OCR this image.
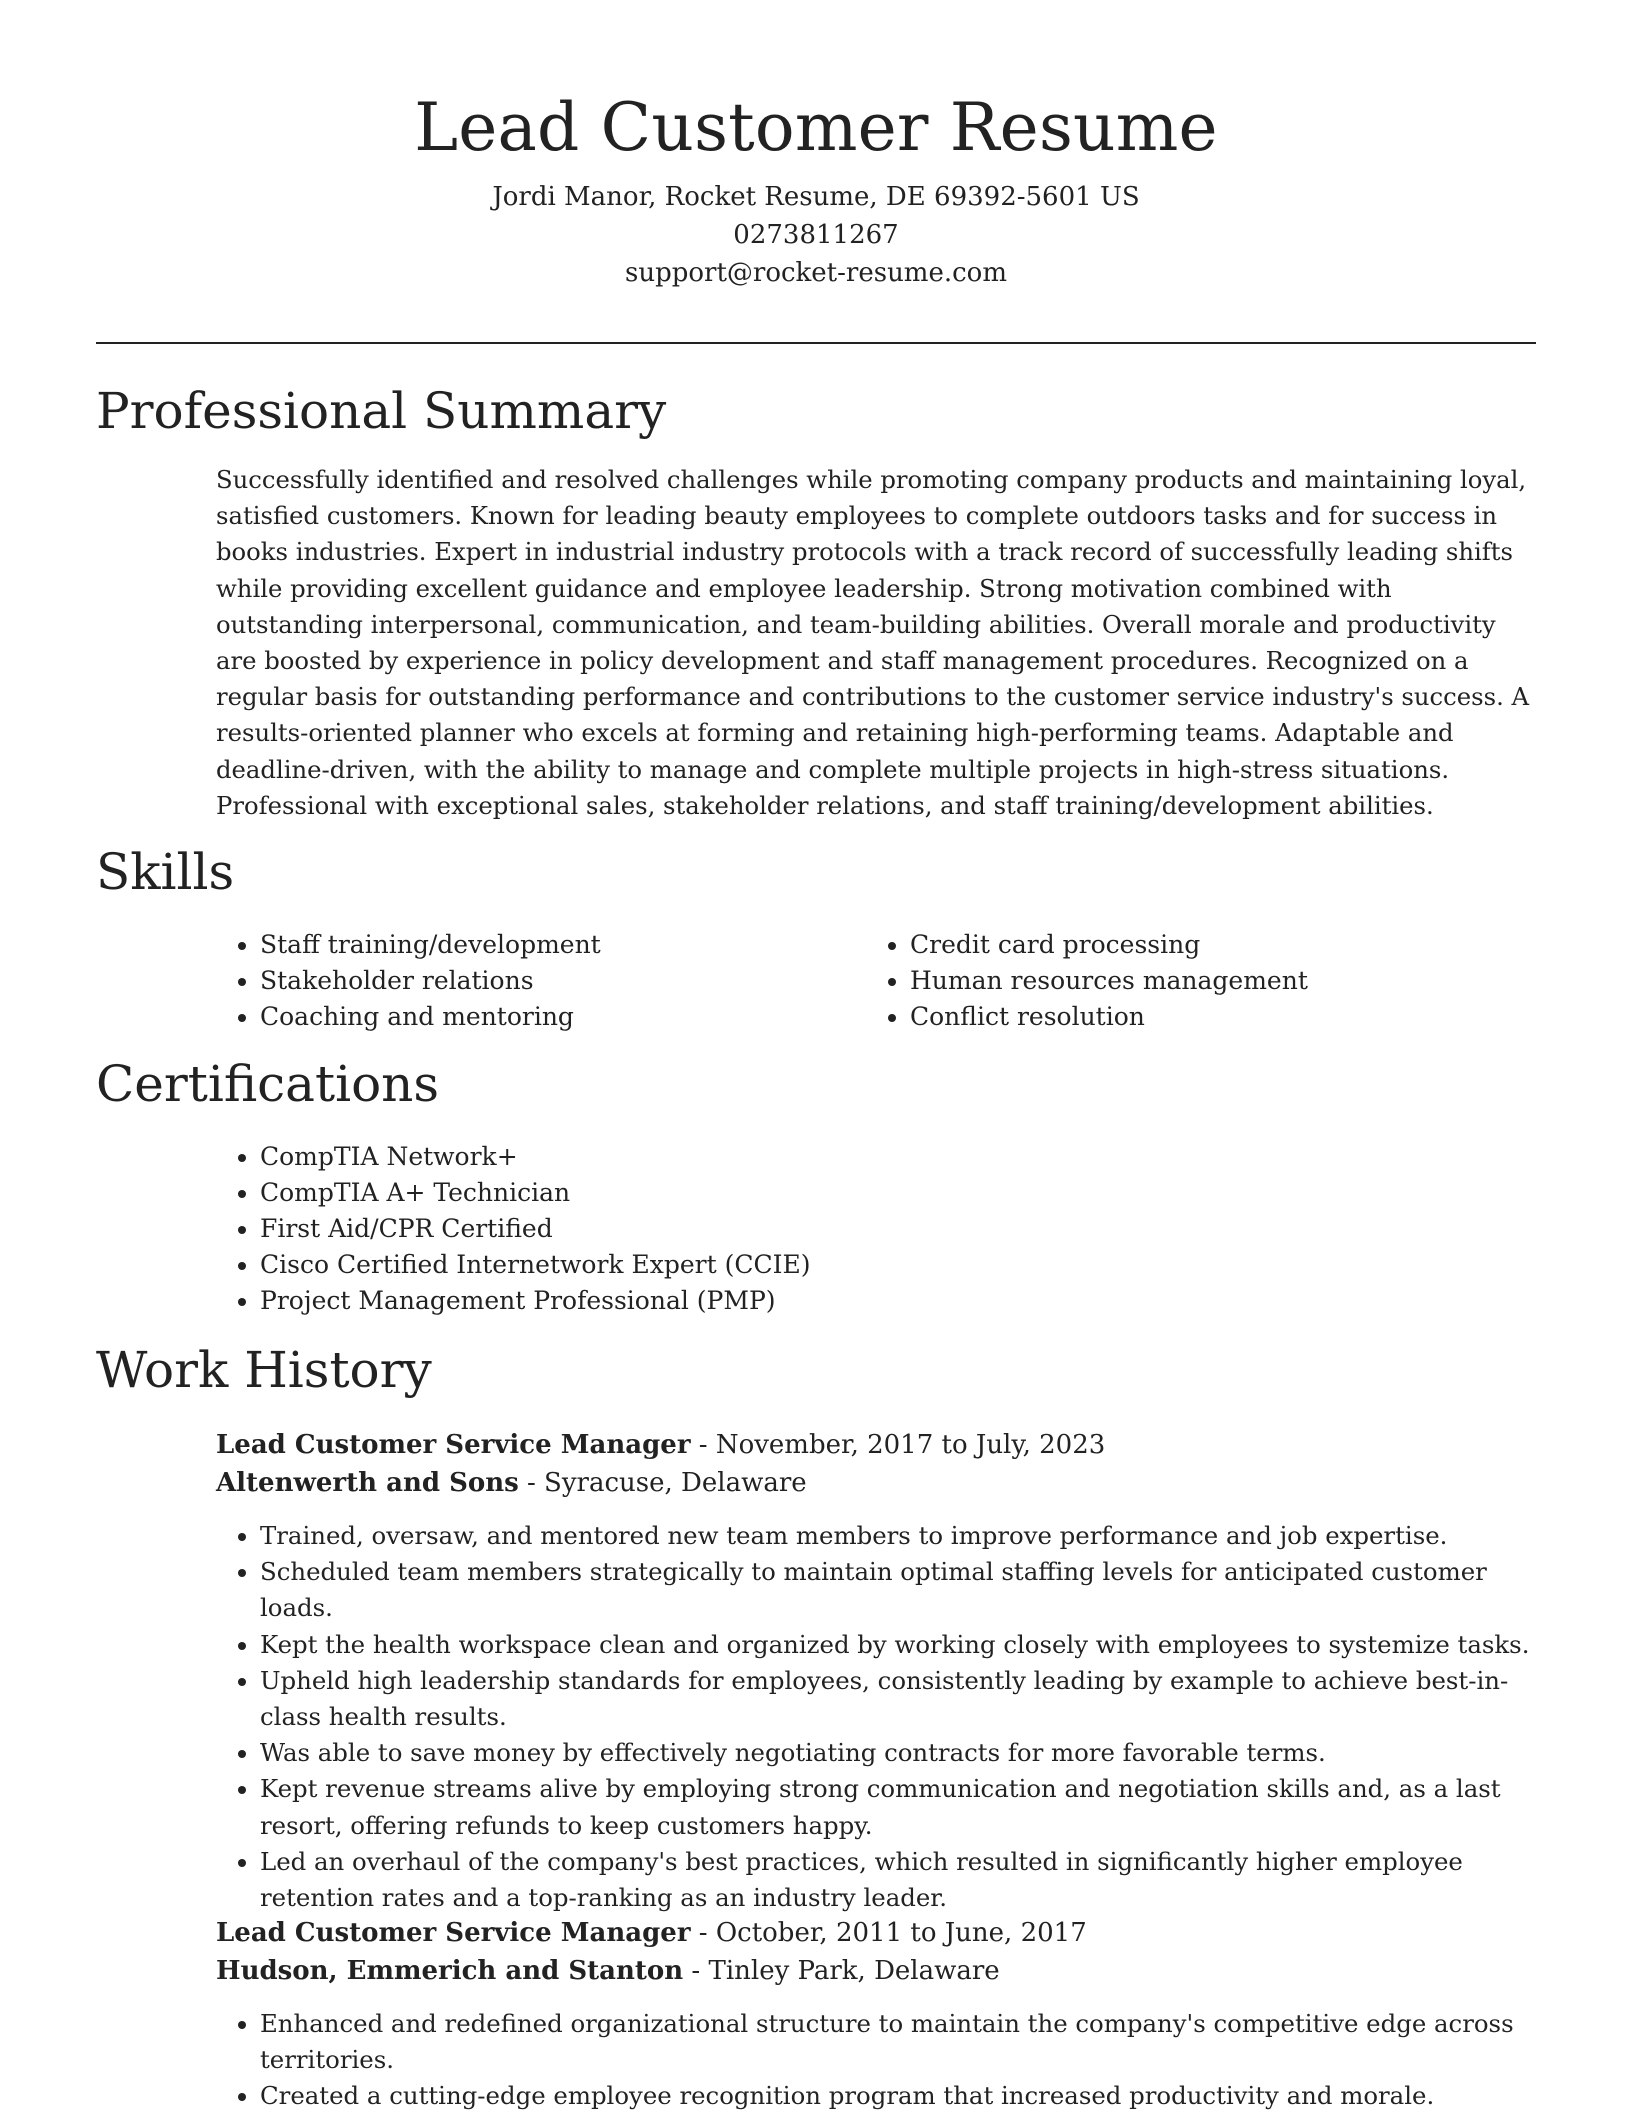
Lead Customer Resume

Jordi Manor, Rocket Resume, DE 69392-5601 US

0273811267

support@rocket-resume.com

Professional Summary

Successfully identified and resolved challenges while promoting company products and maintaining loyal, satisfied customers. Known for leading beauty employees to complete outdoors tasks and for success in books industries. Expert in industrial industry protocols with a track record of successfully leading shifts while providing excellent guidance and employee leadership. Strong motivation combined with outstanding interpersonal, communication, and team-building abilities. Overall morale and productivity are boosted by experience in policy development and staff management procedures. Recognized on a regular basis for outstanding performance and contributions to the customer service industry's success. A results-oriented planner who excels at forming and retaining high-performing teams. Adaptable and deadline-driven, with the ability to manage and complete multiple projects in high-stress situations. Professional with exceptional sales, stakeholder relations, and staff training/development abilities.

Skills
• Staff training/development
• Stakeholder relations
• Coaching and mentoring
• Credit card processing
• Human resources management
• Conflict resolution
Certifications
• CompTIA Network+
• CompTIA A+ Technician
• First Aid/CPR Certified
• Cisco Certified Internetwork Expert (CCIE)
• Project Management Professional (PMP)
Work History

Lead Customer Service Manager - November, 2017 to July, 2023

Altenwerth and Sons - Syracuse, Delaware

• Trained, oversaw, and mentored new team members to improve performance and job expertise.
• Scheduled team members strategically to maintain optimal staffing levels for anticipated customer loads.
• Kept the health workspace clean and organized by working closely with employees to systemize tasks.
• Upheld high leadership standards for employees, consistently leading by example to achieve best-in-class health results.
• Was able to save money by effectively negotiating contracts for more favorable terms.
• Kept revenue streams alive by employing strong communication and negotiation skills and, as a last resort, offering refunds to keep customers happy.
• Led an overhaul of the company's best practices, which resulted in significantly higher employee retention rates and a top-ranking as an industry leader.

Lead Customer Service Manager - October, 2011 to June, 2017

Hudson, Emmerich and Stanton - Tinley Park, Delaware

• Enhanced and redefined organizational structure to maintain the company's competitive edge across territories.
• Created a cutting-edge employee recognition program that increased productivity and morale.
